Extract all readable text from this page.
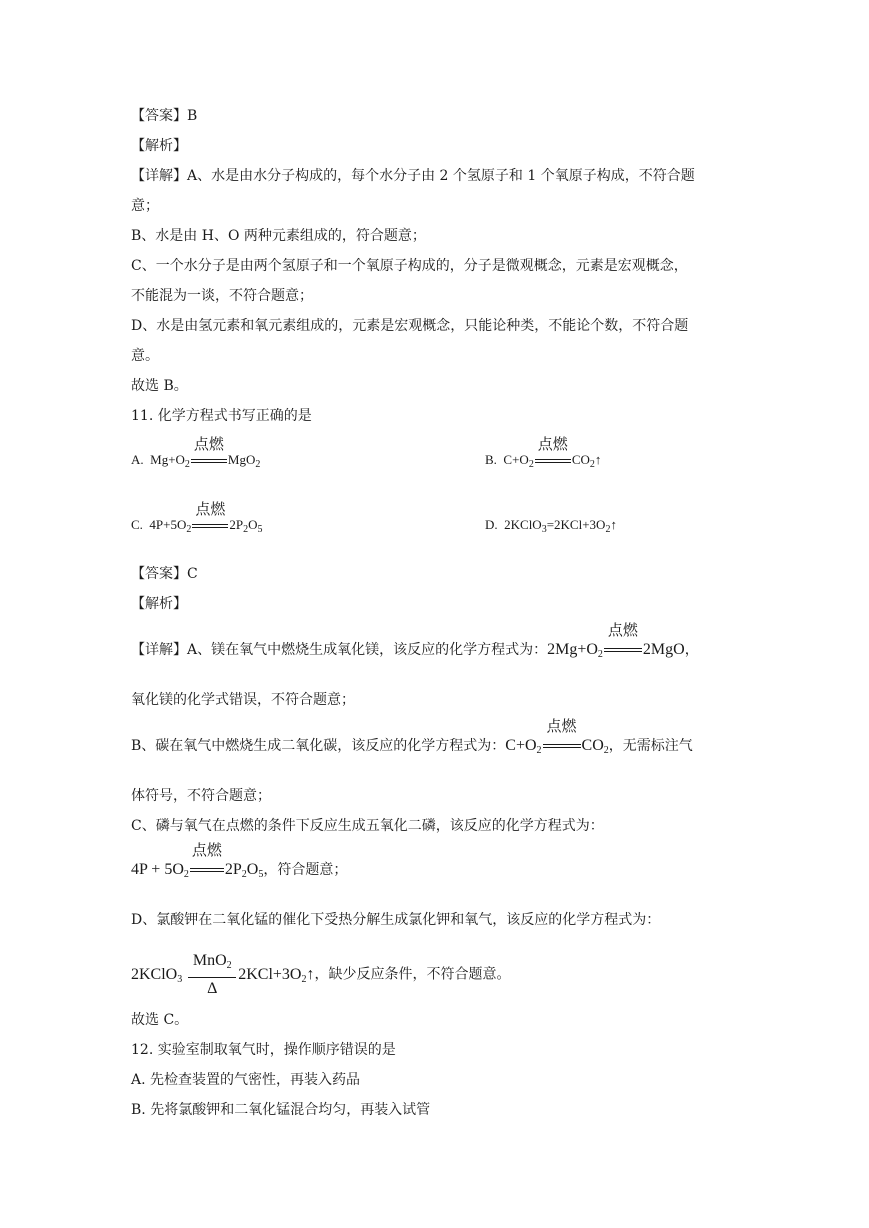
【答案】B
【解析】
【详解】A、水是由水分子构成的，每个水分子由 2 个氢原子和 1 个氧原子构成，不符合题
意；
B、水是由 H、O 两种元素组成的，符合题意；
C、一个水分子是由两个氢原子和一个氧原子构成的，分子是微观概念，元素是宏观概念，
不能混为一谈，不符合题意；
D、水是由氢元素和氧元素组成的，元素是宏观概念，只能论种类，不能论个数，不符合题
意。
故选 B。
11. 化学方程式书写正确的是
A.  $Mg+O_2$
点燃
MgO$_2$	B.  $C+O_2$
点燃
$CO_2↑$
C.  $4P+5O_2$
点燃
$2P_2O_5$	D.  $2KClO_3=2KCl+3O_2↑$
【答案】C
【解析】
【详解】A、镁在氧气中燃烧生成氧化镁，该反应的化学方程式为：$2Mg+O_2$
点燃
2MgO，
氧化镁的化学式错误，不符合题意；
B、碳在氧气中燃烧生成二氧化碳，该反应的化学方程式为：$C+O_2$
点燃
$CO_2$，无需标注气
体符号，不符合题意；
C、磷与氧气在点燃的条件下反应生成五氧化二磷，该反应的化学方程式为：
$4P + 5O_2$
点燃
$2P_2O_5$，符合题意；
D、氯酸钾在二氧化锰的催化下受热分解生成氯化钾和氧气，该反应的化学方程式为：
2KClO$_3$ $\frac{MnO_2}{\Delta}$ $2KCl+3O_2↑$，缺少反应条件，不符合题意。
故选 C。
12. 实验室制取氧气时，操作顺序错误的是
A. 先检查装置的气密性，再装入药品
B. 先将氯酸钾和二氧化锰混合均匀，再装入试管
